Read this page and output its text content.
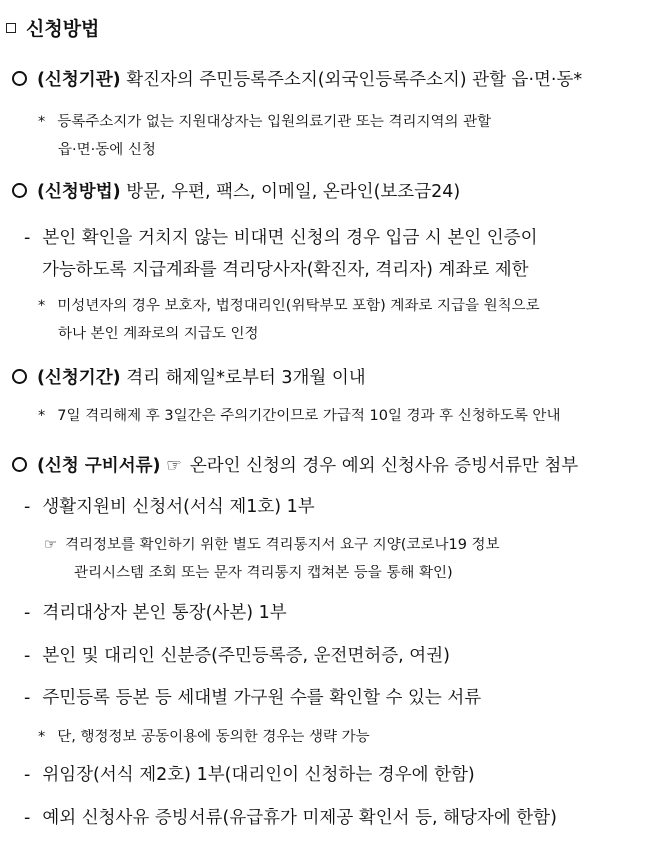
신청방법
(신청기관) 확진자의 주민등록주소지(외국인등록주소지) 관할 읍·면·동*
* 등록주소지가 없는 지원대상자는 입원의료기관 또는 격리지역의 관할
읍·면·동에 신청
(신청방법) 방문, 우편, 팩스, 이메일, 온라인(보조금24)
- 본인 확인을 거치지 않는 비대면 신청의 경우 입금 시 본인 인증이
가능하도록 지급계좌를 격리당사자(확진자, 격리자) 계좌로 제한
* 미성년자의 경우 보호자, 법정대리인(위탁부모 포함) 계좌로 지급을 원칙으로
하나 본인 계좌로의 지급도 인정
(신청기간) 격리 해제일*로부터 3개월 이내
* 7일 격리해제 후 3일간은 주의기간이므로 가급적 10일 경과 후 신청하도록 안내
(신청 구비서류) ☞ 온라인 신청의 경우 예외 신청사유 증빙서류만 첨부
- 생활지원비 신청서(서식 제1호) 1부
☞ 격리정보를 확인하기 위한 별도 격리통지서 요구 지양(코로나19 정보
관리시스템 조회 또는 문자 격리통지 캡쳐본 등을 통해 확인)
- 격리대상자 본인 통장(사본) 1부
- 본인 및 대리인 신분증(주민등록증, 운전면허증, 여권)
- 주민등록 등본 등 세대별 가구원 수를 확인할 수 있는 서류
* 단, 행정정보 공동이용에 동의한 경우는 생략 가능
- 위임장(서식 제2호) 1부(대리인이 신청하는 경우에 한함)
- 예외 신청사유 증빙서류(유급휴가 미제공 확인서 등, 해당자에 한함)
